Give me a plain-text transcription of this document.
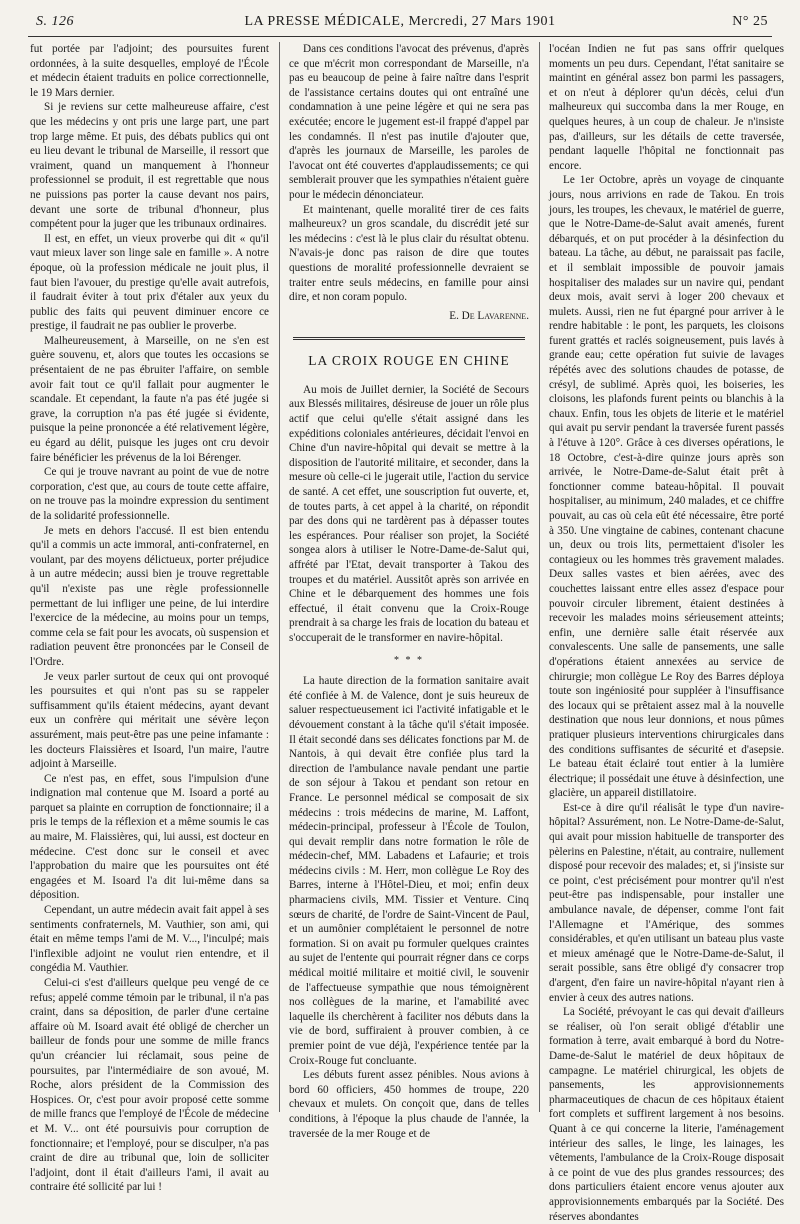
S. 126	LA PRESSE MÉDICALE, Mercredi, 27 Mars 1901	N° 25

fut portée par l'adjoint; des poursuites furent ordonnées, à la suite desquelles, employé de l'École et médecin étaient traduits en police correctionnelle, le 19 Mars dernier.

Si je reviens sur cette malheureuse affaire, c'est que les médecins y ont pris une large part, une part trop large même. Et puis, des débats publics qui ont eu lieu devant le tribunal de Marseille, il ressort que vraiment, quand un manquement à l'honneur professionnel se produit, il est regrettable que nous ne puissions pas porter la cause devant nos pairs, devant une sorte de tribunal d'honneur, plus compétent pour la juger que les tribunaux ordinaires.

Il est, en effet, un vieux proverbe qui dit « qu'il vaut mieux laver son linge sale en famille ». A notre époque, où la profession médicale ne jouit plus, il faut bien l'avouer, du prestige qu'elle avait autrefois, il faudrait éviter à tout prix d'étaler aux yeux du public des faits qui peuvent diminuer encore ce prestige, il faudrait ne pas oublier le proverbe.

Malheureusement, à Marseille, on ne s'en est guère souvenu, et, alors que toutes les occasions se présentaient de ne pas ébruiter l'affaire, on semble avoir fait tout ce qu'il fallait pour augmenter le scandale. Et cependant, la faute n'a pas été jugée si grave, la corruption n'a pas été jugée si évidente, puisque la peine prononcée a été relativement légère, eu égard au délit, puisque les juges ont cru devoir faire bénéficier les prévenus de la loi Bérenger.

Ce qui je trouve navrant au point de vue de notre corporation, c'est que, au cours de toute cette affaire, on ne trouve pas la moindre expression du sentiment de la solidarité professionnelle.

Je mets en dehors l'accusé. Il est bien entendu qu'il a commis un acte immoral, anti-confraternel, en voulant, par des moyens délictueux, porter préjudice à un autre médecin; aussi bien je trouve regrettable qu'il n'existe pas une règle professionnelle permettant de lui infliger une peine, de lui interdire l'exercice de la médecine, au moins pour un temps, comme cela se fait pour les avocats, où suspension et radiation peuvent être prononcées par le Conseil de l'Ordre.

Je veux parler surtout de ceux qui ont provoqué les poursuites et qui n'ont pas su se rappeler suffisamment qu'ils étaient médecins, ayant devant eux un confrère qui méritait une sévère leçon assurément, mais peut-être pas une peine infamante : les docteurs Flaissières et Isoard, l'un maire, l'autre adjoint à Marseille.

Ce n'est pas, en effet, sous l'impulsion d'une indignation mal contenue que M. Isoard a porté au parquet sa plainte en corruption de fonctionnaire; il a pris le temps de la réflexion et a même soumis le cas au maire, M. Flaissières, qui, lui aussi, est docteur en médecine. C'est donc sur le conseil et avec l'approbation du maire que les poursuites ont été engagées et M. Isoard l'a dit lui-même dans sa déposition.

Cependant, un autre médecin avait fait appel à ses sentiments confraternels, M. Vauthier, son ami, qui était en même temps l'ami de M. V..., l'inculpé; mais l'inflexible adjoint ne voulut rien entendre, et il congédia M. Vauthier.

Celui-ci s'est d'ailleurs quelque peu vengé de ce refus; appelé comme témoin par le tribunal, il n'a pas craint, dans sa déposition, de parler d'une certaine affaire où M. Isoard avait été obligé de chercher un bailleur de fonds pour une somme de mille francs qu'un créancier lui réclamait, sous peine de poursuites, par l'intermédiaire de son avoué, M. Roche, alors président de la Commission des Hospices. Or, c'est pour avoir proposé cette somme de mille francs que l'employé de l'École de médecine et M. V... ont été poursuivis pour corruption de fonctionnaire; et l'employé, pour se disculper, n'a pas craint de dire au tribunal que, loin de solliciter l'adjoint, dont il était d'ailleurs l'ami, il avait au contraire été sollicité par lui !

Dans ces conditions l'avocat des prévenus, d'après ce que m'écrit mon correspondant de Marseille, n'a pas eu beaucoup de peine à faire naître dans l'esprit de l'assistance certains doutes qui ont entraîné une condamnation à une peine légère et qui ne sera pas exécutée; encore le jugement est-il frappé d'appel par les condamnés. Il n'est pas inutile d'ajouter que, d'après les journaux de Marseille, les paroles de l'avocat ont été couvertes d'applaudissements; ce qui semblerait prouver que les sympathies n'étaient guère pour le médecin dénonciateur.

Et maintenant, quelle moralité tirer de ces faits malheureux? un gros scandale, du discrédit jeté sur les médecins : c'est là le plus clair du résultat obtenu. N'avais-je donc pas raison de dire que toutes questions de moralité professionnelle devraient se traiter entre seuls médecins, en famille pour ainsi dire, et non coram populo.

E. De Lavarenne.
LA CROIX ROUGE EN CHINE

Au mois de Juillet dernier, la Société de Secours aux Blessés militaires, désireuse de jouer un rôle plus actif que celui qu'elle s'était assigné dans les expéditions coloniales antérieures, décidait l'envoi en Chine d'un navire-hôpital qui devait se mettre à la disposition de l'autorité militaire, et seconder, dans la mesure où celle-ci le jugerait utile, l'action du service de santé. A cet effet, une souscription fut ouverte, et, de toutes parts, à cet appel à la charité, on répondit par des dons qui ne tardèrent pas à dépasser toutes les espérances. Pour réaliser son projet, la Société songea alors à utiliser le Notre-Dame-de-Salut qui, affrété par l'Etat, devait transporter à Takou des troupes et du matériel. Aussitôt après son arrivée en Chine et le débarquement des hommes une fois effectué, il était convenu que la Croix-Rouge prendrait à sa charge les frais de location du bateau et s'occuperait de le transformer en navire-hôpital.

* * *

La haute direction de la formation sanitaire avait été confiée à M. de Valence, dont je suis heureux de saluer respectueusement ici l'activité infatigable et le dévouement constant à la tâche qu'il s'était imposée. Il était secondé dans ses délicates fonctions par M. de Nantois, à qui devait être confiée plus tard la direction de l'ambulance navale pendant une partie de son séjour à Takou et pendant son retour en France. Le personnel médical se composait de six médecins : trois médecins de marine, M. Laffont, médecin-principal, professeur à l'École de Toulon, qui devait remplir dans notre formation le rôle de médecin-chef, MM. Labadens et Lafaurie; et trois médecins civils : M. Herr, mon collègue Le Roy des Barres, interne à l'Hôtel-Dieu, et moi; enfin deux pharmaciens civils, MM. Tissier et Venture. Cinq sœurs de charité, de l'ordre de Saint-Vincent de Paul, et un aumônier complétaient le personnel de notre formation. Si on avait pu formuler quelques craintes au sujet de l'entente qui pourrait régner dans ce corps médical moitié militaire et moitié civil, le souvenir de l'affectueuse sympathie que nous témoignèrent nos collègues de la marine, et l'amabilité avec laquelle ils cherchèrent à faciliter nos débuts dans la vie de bord, suffiraient à prouver combien, à ce premier point de vue déjà, l'expérience tentée par la Croix-Rouge fut concluante.

Les débuts furent assez pénibles. Nous avions à bord 60 officiers, 450 hommes de troupe, 220 chevaux et mulets. On conçoit que, dans de telles conditions, à l'époque la plus chaude de l'année, la traversée de la mer Rouge et de

l'océan Indien ne fut pas sans offrir quelques moments un peu durs. Cependant, l'état sanitaire se maintint en général assez bon parmi les passagers, et on n'eut à déplorer qu'un décès, celui d'un malheureux qui succomba dans la mer Rouge, en quelques heures, à un coup de chaleur. Je n'insiste pas, d'ailleurs, sur les détails de cette traversée, pendant laquelle l'hôpital ne fonctionnait pas encore.

Le 1er Octobre, après un voyage de cinquante jours, nous arrivions en rade de Takou. En trois jours, les troupes, les chevaux, le matériel de guerre, que le Notre-Dame-de-Salut avait amenés, furent débarqués, et on put procéder à la désinfection du bateau. La tâche, au début, ne paraissait pas facile, et il semblait impossible de pouvoir jamais hospitaliser des malades sur un navire qui, pendant deux mois, avait servi à loger 200 chevaux et mulets. Aussi, rien ne fut épargné pour arriver à le rendre habitable : le pont, les parquets, les cloisons furent grattés et raclés soigneusement, puis lavés à grande eau; cette opération fut suivie de lavages répétés avec des solutions chaudes de potasse, de crésyl, de sublimé. Après quoi, les boiseries, les cloisons, les plafonds furent peints ou blanchis à la chaux. Enfin, tous les objets de literie et le matériel qui avait pu servir pendant la traversée furent passés à l'étuve à 120°. Grâce à ces diverses opérations, le 18 Octobre, c'est-à-dire quinze jours après son arrivée, le Notre-Dame-de-Salut était prêt à fonctionner comme bateau-hôpital. Il pouvait hospitaliser, au minimum, 240 malades, et ce chiffre pouvait, au cas où cela eût été nécessaire, être porté à 350. Une vingtaine de cabines, contenant chacune un, deux ou trois lits, permettaient d'isoler les contagieux ou les hommes très gravement malades. Deux salles vastes et bien aérées, avec des couchettes laissant entre elles assez d'espace pour pouvoir circuler librement, étaient destinées à recevoir les malades moins sérieusement atteints; enfin, une dernière salle était réservée aux convalescents. Une salle de pansements, une salle d'opérations étaient annexées au service de chirurgie; mon collègue Le Roy des Barres déploya toute son ingéniosité pour suppléer à l'insuffisance des locaux qui se prêtaient assez mal à la nouvelle destination que nous leur donnions, et nous pûmes pratiquer plusieurs interventions chirurgicales dans des conditions suffisantes de sécurité et d'asepsie. Le bateau était éclairé tout entier à la lumière électrique; il possédait une étuve à désinfection, une glacière, un appareil distillatoire.

Est-ce à dire qu'il réalisât le type d'un navire-hôpital? Assurément, non. Le Notre-Dame-de-Salut, qui avait pour mission habituelle de transporter des pèlerins en Palestine, n'était, au contraire, nullement disposé pour recevoir des malades; et, si j'insiste sur ce point, c'est précisément pour montrer qu'il n'est peut-être pas indispensable, pour installer une ambulance navale, de dépenser, comme l'ont fait l'Allemagne et l'Amérique, des sommes considérables, et qu'en utilisant un bateau plus vaste et mieux aménagé que le Notre-Dame-de-Salut, il serait possible, sans être obligé d'y consacrer trop d'argent, d'en faire un navire-hôpital n'ayant rien à envier à ceux des autres nations.

La Société, prévoyant le cas qui devait d'ailleurs se réaliser, où l'on serait obligé d'établir une formation à terre, avait embarqué à bord du Notre-Dame-de-Salut le matériel de deux hôpitaux de campagne. Le matériel chirurgical, les objets de pansements, les approvisionnements pharmaceutiques de chacun de ces hôpitaux étaient fort complets et suffirent largement à nos besoins. Quant à ce qui concerne la literie, l'aménagement intérieur des salles, le linge, les lainages, les vêtements, l'ambulance de la Croix-Rouge disposait à ce point de vue des plus grandes ressources; des dons particuliers étaient encore venus ajouter aux approvisionnements embarqués par la Société. Des réserves abondantes
